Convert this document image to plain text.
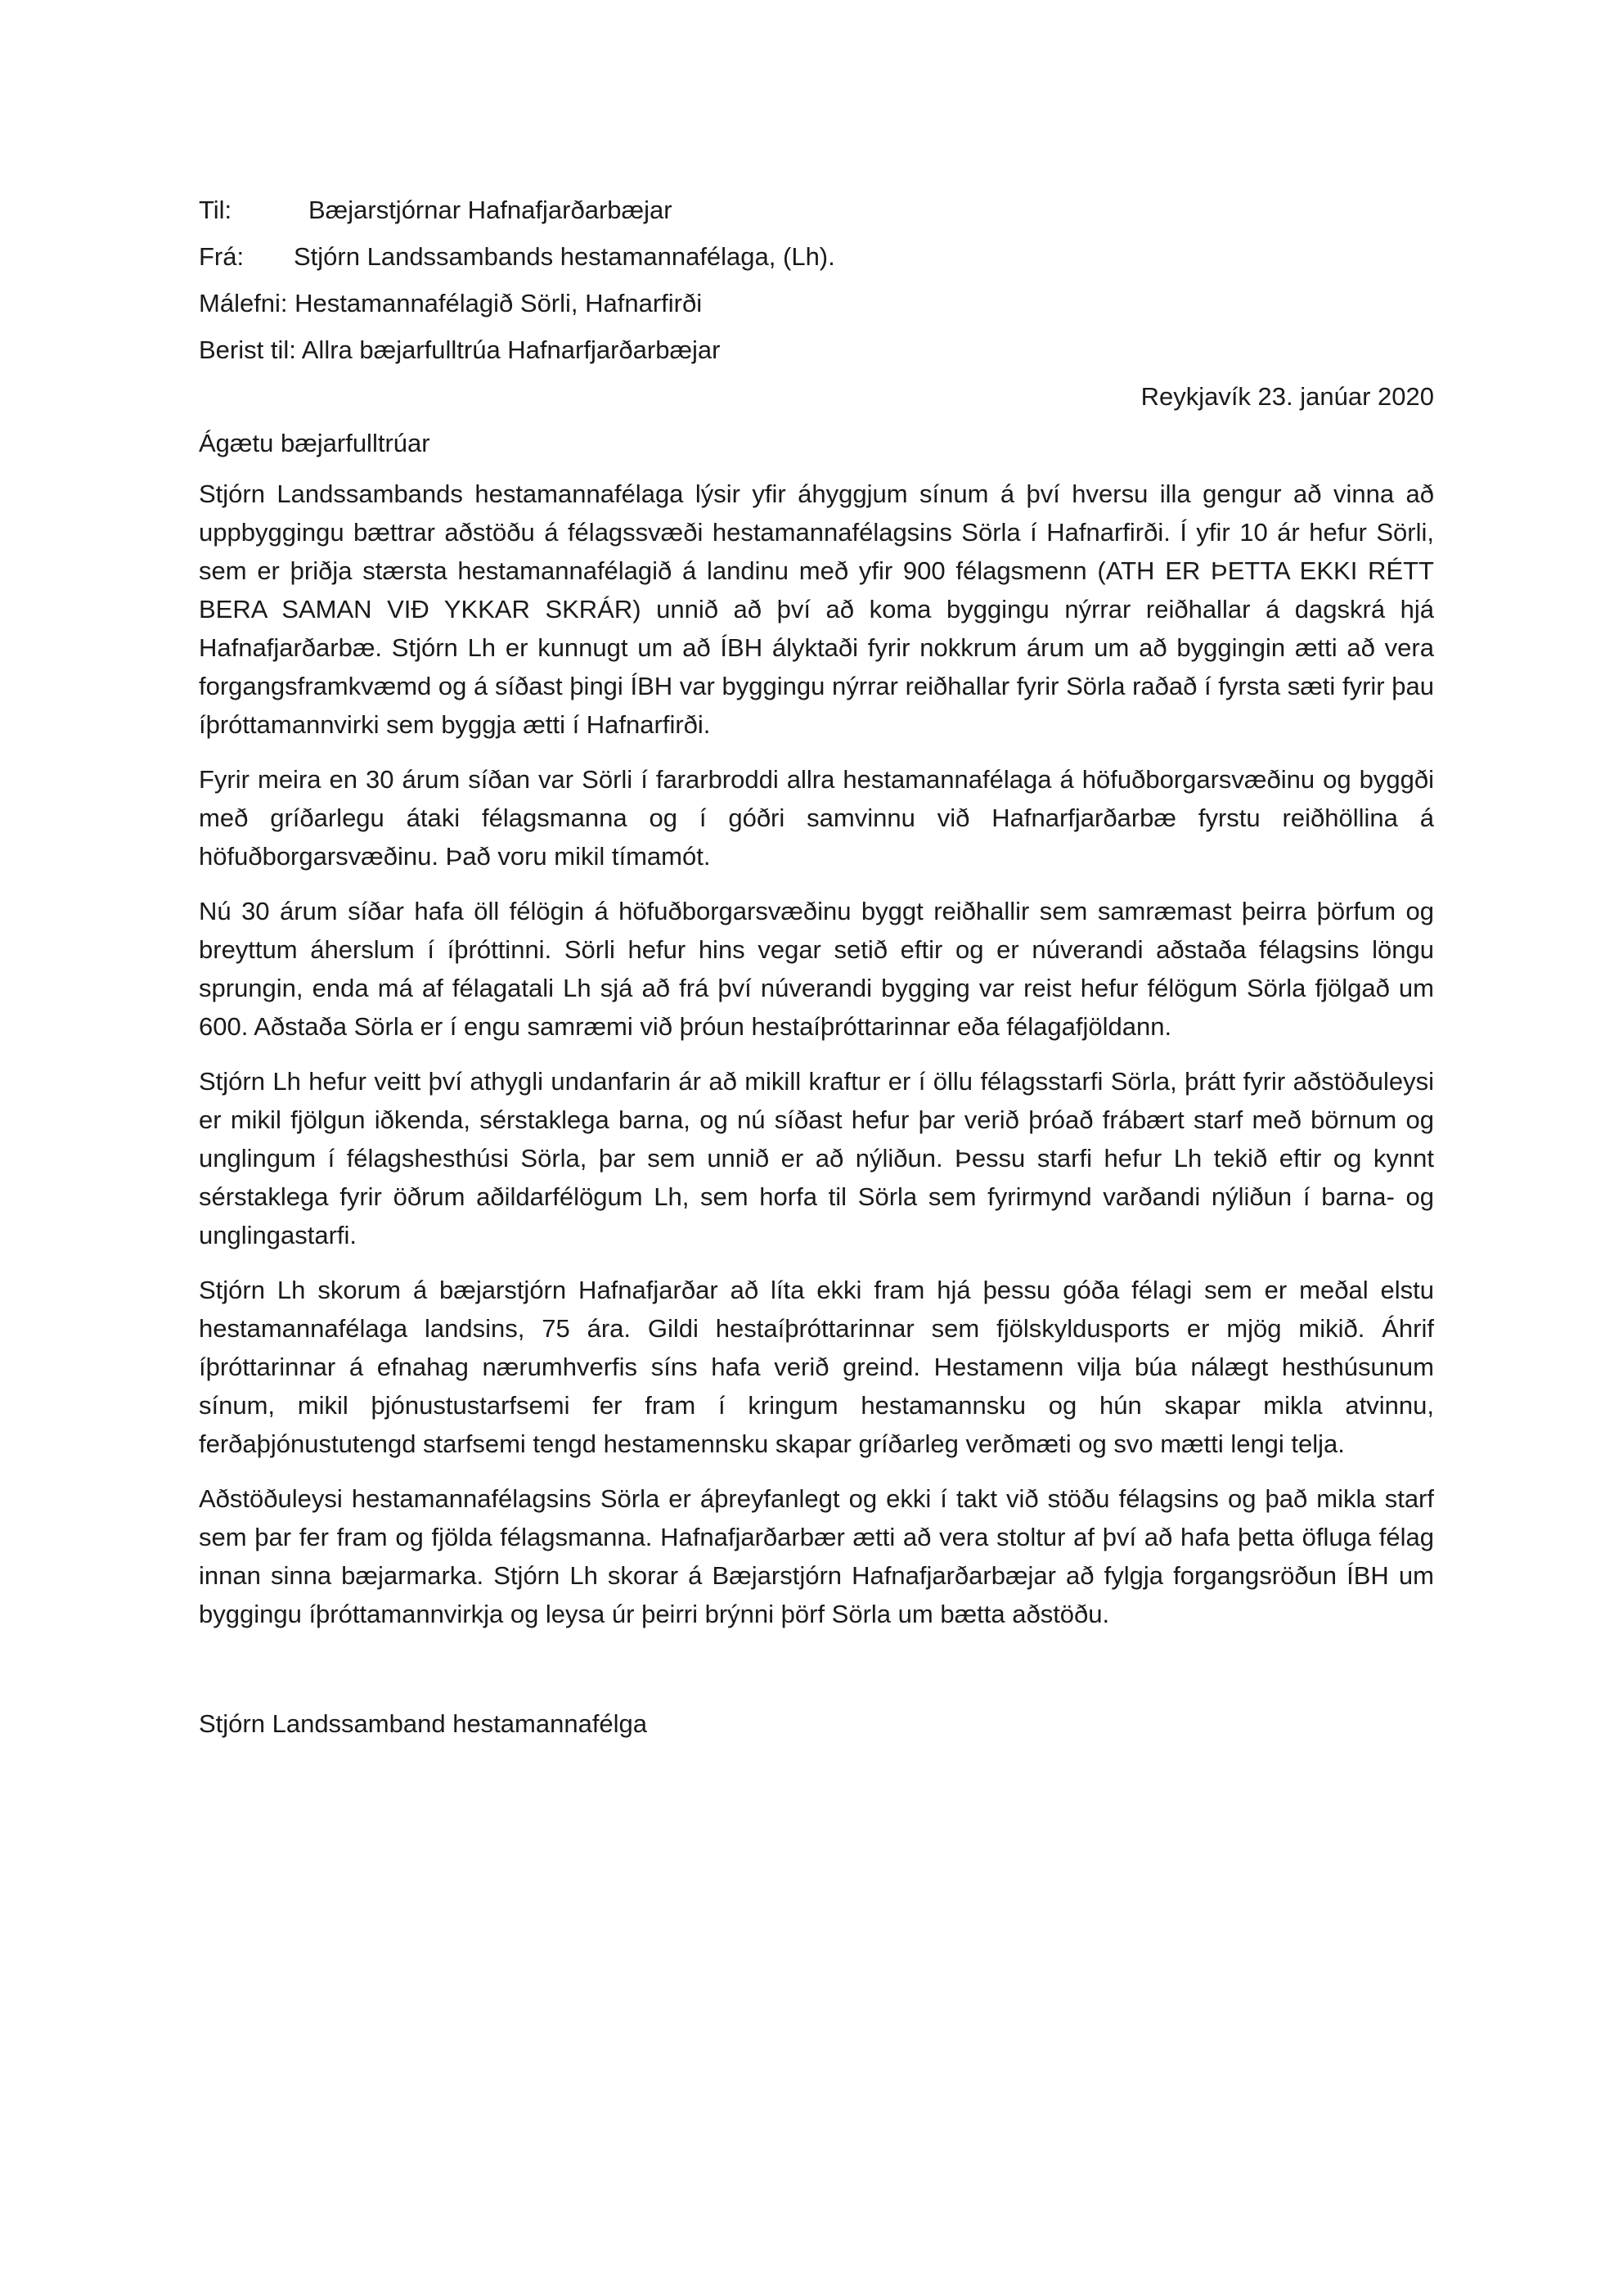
Til:	Bæjarstjórnar Hafnafjarðarbæjar
Frá: Stjórn Landssambands hestamannafélaga, (Lh).
Málefni: Hestamannafélagið Sörli, Hafnarfirði
Berist til: Allra bæjarfulltrúa Hafnarfjarðarbæjar
Reykjavík 23. janúar 2020
Ágætu bæjarfulltrúar

Stjórn Landssambands hestamannafélaga lýsir yfir áhyggjum sínum á því hversu illa gengur að vinna að uppbyggingu bættrar aðstöðu á félagssvæði hestamannafélagsins Sörla í Hafnarfirði. Í yfir 10 ár hefur Sörli, sem er þriðja stærsta hestamannafélagið á landinu með yfir 900 félagsmenn (ATH ER ÞETTA EKKI RÉTT BERA SAMAN VIÐ YKKAR SKRÁR) unnið að því að koma byggingu nýrrar reiðhallar á dagskrá hjá Hafnafjarðarbæ. Stjórn Lh er kunnugt um að ÍBH ályktaði fyrir nokkrum árum um að byggingin ætti að vera forgangsframkvæmd og á síðast þingi ÍBH var byggingu nýrrar reiðhallar fyrir Sörla raðað í fyrsta sæti fyrir þau íþróttamannvirki sem byggja ætti í Hafnarfirði.

Fyrir meira en 30 árum síðan var Sörli í fararbroddi allra hestamannafélaga á höfuðborgarsvæðinu og byggði með gríðarlegu átaki félagsmanna og í góðri samvinnu við Hafnarfjarðarbæ fyrstu reiðhöllina á höfuðborgarsvæðinu. Það voru mikil tímamót.

Nú 30 árum síðar hafa öll félögin á höfuðborgarsvæðinu byggt reiðhallir sem samræmast þeirra þörfum og breyttum áherslum í íþróttinni. Sörli hefur hins vegar setið eftir og er núverandi aðstaða félagsins löngu sprungin, enda má af félagatali Lh sjá að frá því núverandi bygging var reist hefur félögum Sörla fjölgað um 600. Aðstaða Sörla er í engu samræmi við þróun hestaíþróttarinnar eða félagafjöldann.

Stjórn Lh hefur veitt því athygli undanfarin ár að mikill kraftur er í öllu félagsstarfi Sörla, þrátt fyrir aðstöðuleysi er mikil fjölgun iðkenda, sérstaklega barna, og nú síðast hefur þar verið þróað frábært starf með börnum og unglingum í félagshesthúsi Sörla, þar sem unnið er að nýliðun. Þessu starfi hefur Lh tekið eftir og kynnt sérstaklega fyrir öðrum aðildarfélögum Lh, sem horfa til Sörla sem fyrirmynd varðandi nýliðun í barna- og unglingastarfi.

Stjórn Lh skorum á bæjarstjórn Hafnafjarðar að líta ekki fram hjá þessu góða félagi sem er meðal elstu hestamannafélaga landsins, 75 ára. Gildi hestaíþróttarinnar sem fjölskyldusports er mjög mikið. Áhrif íþróttarinnar á efnahag nærumhverfis síns hafa verið greind. Hestamenn vilja búa nálægt hesthúsunum sínum, mikil þjónustustarfsemi fer fram í kringum hestamannsku og hún skapar mikla atvinnu, ferðaþjónustutengd starfsemi tengd hestamennsku skapar gríðarleg verðmæti og svo mætti lengi telja.

Aðstöðuleysi hestamannafélagsins Sörla er áþreyfanlegt og ekki í takt við stöðu félagsins og það mikla starf sem þar fer fram og fjölda félagsmanna. Hafnafjarðarbær ætti að vera stoltur af því að hafa þetta öfluga félag innan sinna bæjarmarka. Stjórn Lh skorar á Bæjarstjórn Hafnafjarðarbæjar að fylgja forgangsröðun ÍBH um byggingu íþróttamannvirkja og leysa úr þeirri brýnni þörf Sörla um bætta aðstöðu.

Stjórn Landssamband hestamannafélga
